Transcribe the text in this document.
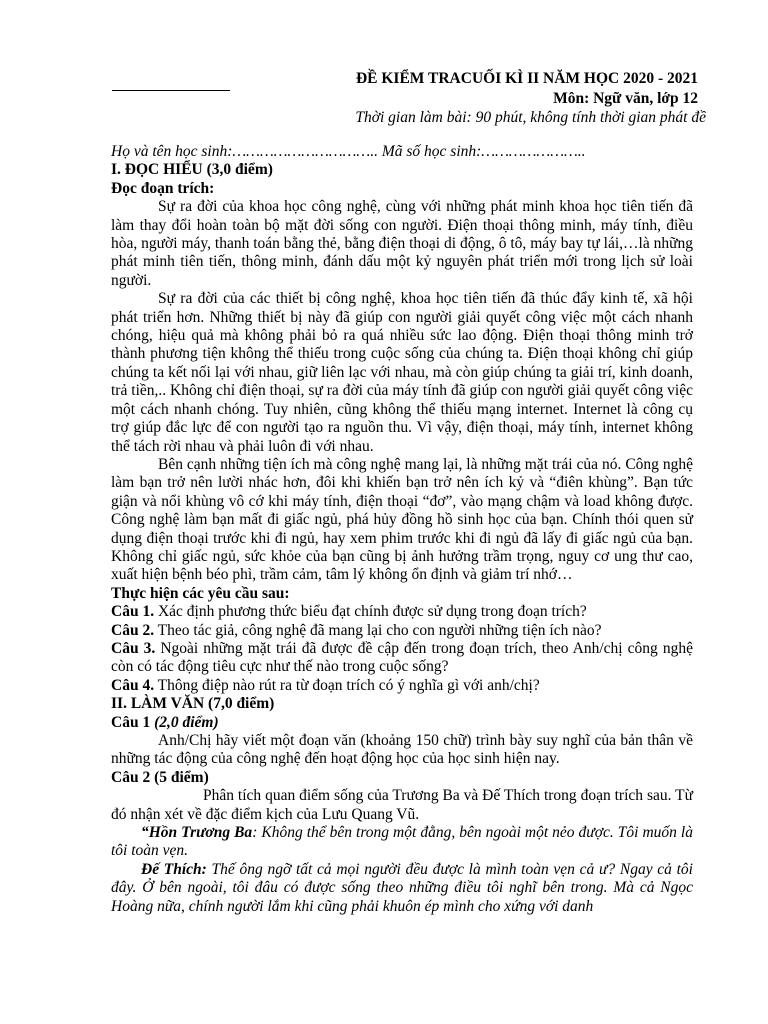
ĐỀ KIỂM TRACUỐI KÌ II NĂM HỌC 2020 - 2021
Môn: Ngữ văn, lớp 12
Thời gian làm bài: 90 phút, không tính thời gian phát đề

Họ và tên học sinh:………………………….. Mã số học sinh:…………………..

I. ĐỌC HIỂU (3,0 điểm)

Đọc đoạn trích:

Sự ra đời của khoa học công nghệ, cùng với những phát minh khoa học tiên tiến đã làm thay đổi hoàn toàn bộ mặt đời sống con người. Điện thoại thông minh, máy tính, điều hòa, người máy, thanh toán bằng thẻ, bằng điện thoại di động, ô tô, máy bay tự lái,…là những phát minh tiên tiến, thông minh, đánh dấu một kỷ nguyên phát triển mới trong lịch sử loài người.

Sự ra đời của các thiết bị công nghệ, khoa học tiên tiến đã thúc đẩy kinh tế, xã hội phát triển hơn. Những thiết bị này đã giúp con người giải quyết công việc một cách nhanh chóng, hiệu quả mà không phải bỏ ra quá nhiều sức lao động. Điện thoại thông minh trở thành phương tiện không thể thiếu trong cuộc sống của chúng ta. Điện thoại không chỉ giúp chúng ta kết nối lại với nhau, giữ liên lạc với nhau, mà còn giúp chúng ta giải trí, kinh doanh, trả tiền,.. Không chỉ điện thoại, sự ra đời của máy tính đã giúp con người giải quyết công việc một cách nhanh chóng. Tuy nhiên, cũng không thể thiếu mạng internet. Internet là công cụ trợ giúp đắc lực để con người tạo ra nguồn thu. Vì vậy, điện thoại, máy tính, internet không thể tách rời nhau và phải luôn đi với nhau.

Bên cạnh những tiện ích mà công nghệ mang lại, là những mặt trái của nó. Công nghệ làm bạn trở nên lười nhác hơn, đôi khi khiến bạn trở nên ích kỷ và “điên khùng”. Bạn tức giận và nổi khùng vô cớ khi máy tính, điện thoại “đơ”, vào mạng chậm và load không được. Công nghệ làm bạn mất đi giấc ngủ, phá hủy đồng hồ sinh học của bạn. Chính thói quen sử dụng điện thoại trước khi đi ngủ, hay xem phim trước khi đi ngủ đã lấy đi giấc ngủ của bạn. Không chỉ giấc ngủ, sức khỏe của bạn cũng bị ảnh hưởng trầm trọng, nguy cơ ung thư cao, xuất hiện bệnh béo phì, trầm cảm, tâm lý không ổn định và giảm trí nhớ…

Thực hiện các yêu cầu sau:

Câu 1. Xác định phương thức biểu đạt chính được sử dụng trong đoạn trích?

Câu 2. Theo tác giả, công nghệ đã mang lại cho con người những tiện ích nào?

Câu 3. Ngoài những mặt trái đã được đề cập đến trong đoạn trích, theo Anh/chị công nghệ còn có tác động tiêu cực như thế nào trong cuộc sống?

Câu 4. Thông điệp nào rút ra từ đoạn trích có ý nghĩa gì với anh/chị?

II. LÀM VĂN (7,0 điểm)

Câu 1 (2,0 điểm)

Anh/Chị hãy viết một đoạn văn (khoảng 150 chữ) trình bày suy nghĩ của bản thân về những tác động của công nghệ đến hoạt động học của học sinh hiện nay.

Câu 2 (5 điểm)

Phân tích quan điểm sống của Trương Ba và Đế Thích trong đoạn trích sau. Từ đó nhận xét về đặc điểm kịch của Lưu Quang Vũ.

“Hồn Trương Ba: Không thể bên trong một đằng, bên ngoài một nẻo được. Tôi muốn là tôi toàn vẹn.

Đế Thích: Thế ông ngỡ tất cả mọi người đều được là mình toàn vẹn cả ư? Ngay cả tôi đây. Ở bên ngoài, tôi đâu có được sống theo những điều tôi nghĩ bên trong. Mà cả Ngọc Hoàng nữa, chính người lắm khi cũng phải khuôn ép mình cho xứng với danh
